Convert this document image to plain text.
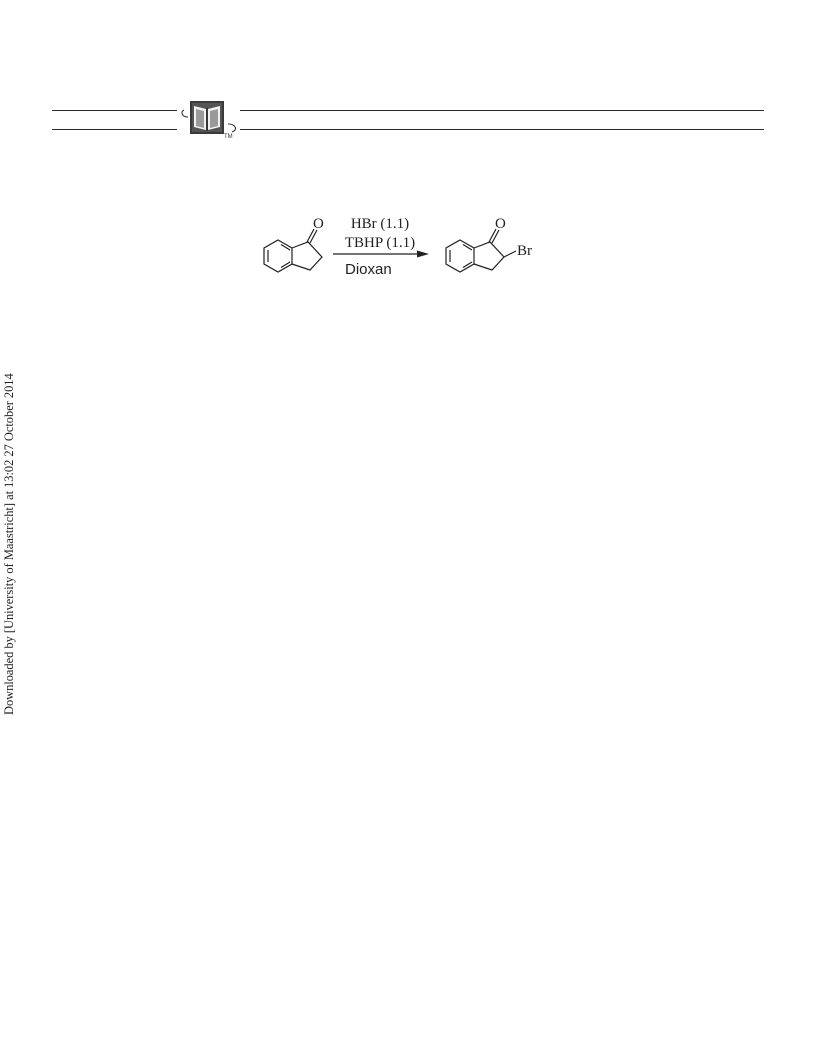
TM
O HBr (1.1)
TBHP (1.1)
Dioxan
O
Br
Downloaded by [University of Maastricht] at 13:02 27 October 2014
